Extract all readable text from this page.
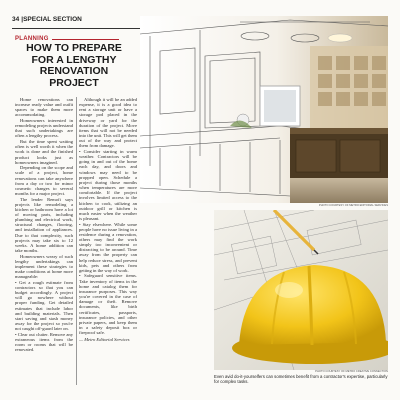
34 |SPECIAL SECTION
PLANNING
HOW TO PREPARE FOR A LENGTHY RENOVATION PROJECT

Home renovations can increase ready value and outfit spaces to make them more accommodating.

Homeowners interested in remodeling projects understand that such undertakings are often a lengthy process.

But the time spent waiting often is well worth it when the work is done and the finished product looks just as homeowners imagined.

Depending on the scope and scale of a project, home renovations can take anywhere from a day or two for minor cosmetic changes to several months for a major project.

The lender Remofi says projects like remodeling a kitchen or bathroom have a lot of moving parts, including plumbing and electrical work, structural changes, flooring, and installation of appliances. Due to that complexity, such projects may take six to 12 weeks. A home addition can take months.

Homeowners weary of such lengthy undertakings can implement these strategies to make conditions at home more manageable:

• Get a rough estimate from contractors so that you can budget accordingly. A project will go nowhere without proper funding. Get detailed estimates that include labor and building materials. Then start saving and stash money away for the project so you're not caught off-guard later on.

• Clear out clutter. Remove any extraneous items from the room or rooms that will be renovated.

Although it will be an added expense, it is a good idea to rent a storage unit or have a storage pod placed in the driveway or yard for the duration of the project. Move items that will not be needed into the unit. This will get them out of the way and protect them from damage.

• Consider starting in warm weather. Contractors will be going in and out of the home each day, and doors and windows may need to be propped open. Schedule a project during those months when temperatures are more comfortable. If the project involves limited access to the kitchen to cook, utilizing an outdoor grill or kitchen is much easier when the weather is pleasant.

• Stay elsewhere. While some people have no issue living in a residence during a renovation, others may find the work simply too inconvenient or distracting to be around. Time away from the property can help reduce stress, and prevent kids, pets and others from getting in the way of work.

• Safeguard sensitive items. Take inventory of items in the home and catalog them for insurance purposes. This way you're covered in the case of damage or theft. Remove documents, like birth certificates, passports, insurance policies, and other private papers, and keep them in a safety deposit box or fireproof safe.

— Metro Editorial Services

PHOTO COURTESY OF METRO EDITORIAL SERVICES
PHOTO COURTESY OF METRO CREATIVE CONNECTION
Even avid do-it-yourselfers can sometimes benefit from a contractor's expertise, particularly for complex tasks.
